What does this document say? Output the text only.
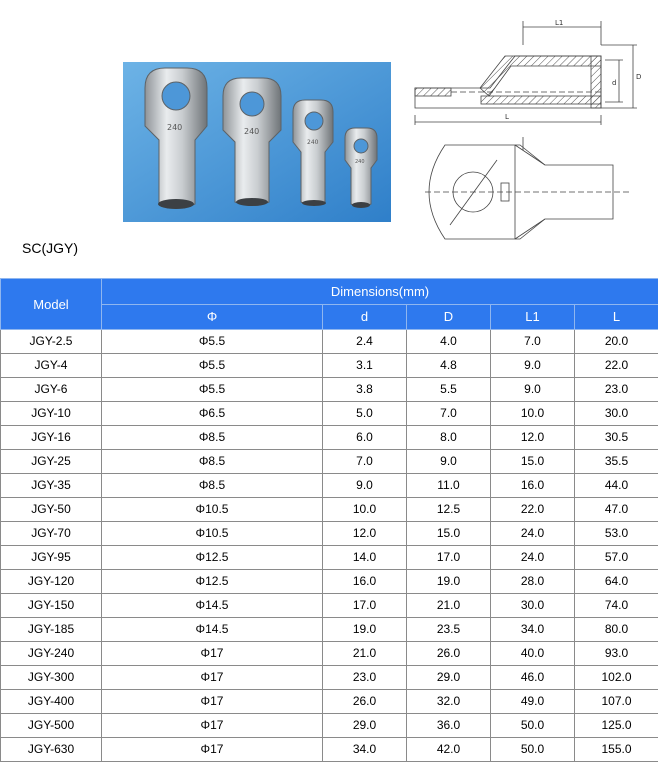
240	240
240
240
L1
L
d
D
SC(JGY)
Model	Dimensions(mm)				
	Φ	d	D	L1	L
JGY-2.5	Φ5.5	2.4	4.0	7.0	20.0
JGY-4	Φ5.5	3.1	4.8	9.0	22.0
JGY-6	Φ5.5	3.8	5.5	9.0	23.0
JGY-10	Φ6.5	5.0	7.0	10.0	30.0
JGY-16	Φ8.5	6.0	8.0	12.0	30.5
JGY-25	Φ8.5	7.0	9.0	15.0	35.5
JGY-35	Φ8.5	9.0	11.0	16.0	44.0
JGY-50	Φ10.5	10.0	12.5	22.0	47.0
JGY-70	Φ10.5	12.0	15.0	24.0	53.0
JGY-95	Φ12.5	14.0	17.0	24.0	57.0
JGY-120	Φ12.5	16.0	19.0	28.0	64.0
JGY-150	Φ14.5	17.0	21.0	30.0	74.0
JGY-185	Φ14.5	19.0	23.5	34.0	80.0
JGY-240	Φ17	21.0	26.0	40.0	93.0
JGY-300	Φ17	23.0	29.0	46.0	102.0
JGY-400	Φ17	26.0	32.0	49.0	107.0
JGY-500	Φ17	29.0	36.0	50.0	125.0
JGY-630	Φ17	34.0	42.0	50.0	155.0
